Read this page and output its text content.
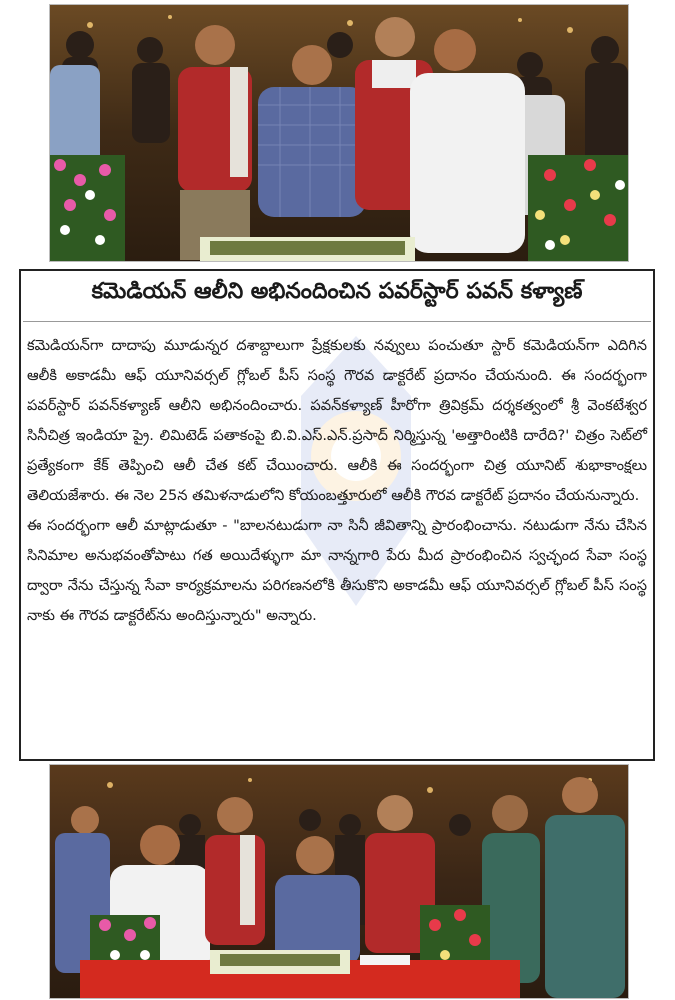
కమెడియన్ ఆలీని అభినందించిన పవర్‌స్టార్ పవన్ కళ్యాణ్

కమెడియన్‌గా దాదాపు మూడున్నర దశాబ్దాలుగా ప్రేక్షకులకు నవ్వులు పంచుతూ స్టార్ కమెడియన్‌గా ఎదిగిన ఆలీకి అకాడమీ ఆఫ్ యూనివర్సల్ గ్లోబల్ పీస్ సంస్థ గౌరవ డాక్టరేట్ ప్రదానం చేయనుంది. ఈ సందర్భంగా పవర్‌స్టార్ పవన్‌కళ్యాణ్ ఆలీని అభినందించారు. పవన్‌కళ్యాణ్ హీరోగా త్రివిక్రమ్ దర్శకత్వంలో శ్రీ వెంకటేశ్వర సినీచిత్ర ఇండియా ప్రై. లిమిటెడ్ పతాకంపై బి.వి.ఎస్.ఎన్.ప్రసాద్ నిర్మిస్తున్న 'అత్తారింటికి దారేది?' చిత్రం సెట్‌లో ప్రత్యేకంగా కేక్ తెప్పించి ఆలీ చేత కట్ చేయించారు. ఆలీకి ఈ సందర్భంగా చిత్ర యూనిట్ శుభాకాంక్షలు తెలియజేశారు. ఈ నెల 25న తమిళనాడులోని కోయంబత్తూరులో ఆలీకి గౌరవ డాక్టరేట్ ప్రదానం చేయనున్నారు.

ఈ సందర్భంగా ఆలీ మాట్లాడుతూ - "బాలనటుడుగా నా సినీ జీవితాన్ని ప్రారంభించాను. నటుడుగా నేను చేసిన సినిమాల అనుభవంతోపాటు గత అయిదేళ్ళుగా మా నాన్నగారి పేరు మీద ప్రారంభించిన స్వచ్ఛంద సేవా సంస్థ ద్వారా నేను చేస్తున్న సేవా కార్యక్రమాలను పరిగణనలోకి తీసుకొని అకాడమీ ఆఫ్ యూనివర్సల్ గ్లోబల్ పీస్ సంస్థ నాకు ఈ గౌరవ డాక్టరేట్‌ను అందిస్తున్నారు" అన్నారు.
